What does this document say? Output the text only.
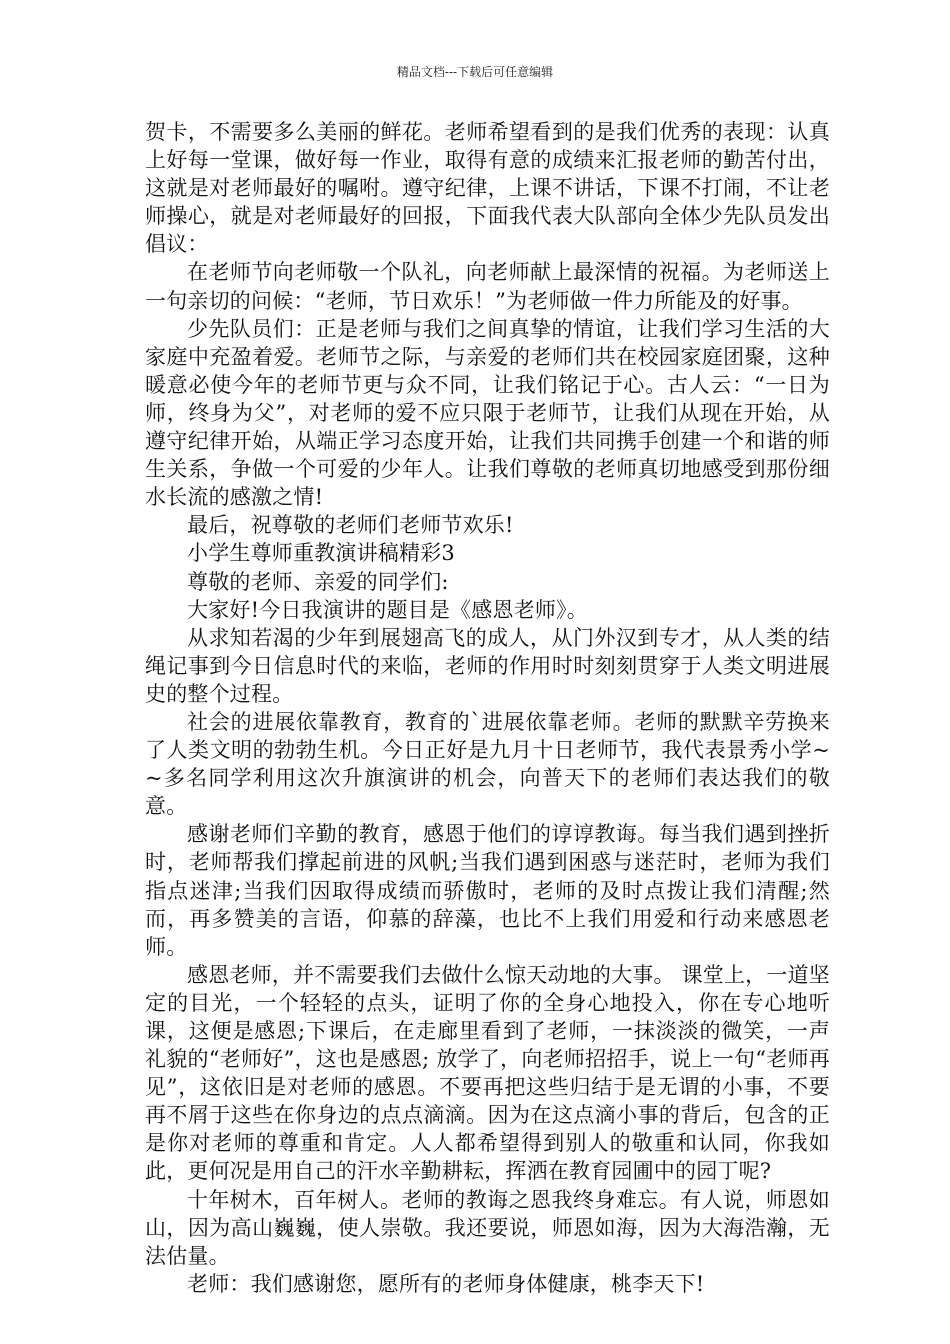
精品文档---下载后可任意编辑

贺卡，不需要多么美丽的鲜花。老师希望看到的是我们优秀的表现：认真上好每一堂课，做好每一作业，取得有意的成绩来汇报老师的勤苦付出，这就是对老师最好的嘱咐。遵守纪律，上课不讲话，下课不打闹，不让老师操心，就是对老师最好的回报，下面我代表大队部向全体少先队员发出倡议：

在老师节向老师敬一个队礼，向老师献上最深情的祝福。为老师送上一句亲切的问候：“老师，节日欢乐！”为老师做一件力所能及的好事。

少先队员们：正是老师与我们之间真挚的情谊，让我们学习生活的大家庭中充盈着爱。老师节之际，与亲爱的老师们共在校园家庭团聚，这种暖意必使今年的老师节更与众不同，让我们铭记于心。古人云：“一日为师，终身为父”，对老师的爱不应只限于老师节，让我们从现在开始，从遵守纪律开始，从端正学习态度开始，让我们共同携手创建一个和谐的师生关系，争做一个可爱的少年人。让我们尊敬的老师真切地感受到那份细水长流的感激之情!

最后，祝尊敬的老师们老师节欢乐!

小学生尊师重教演讲稿精彩3

尊敬的老师、亲爱的同学们:

大家好!今日我演讲的题目是《感恩老师》。

从求知若渴的少年到展翅高飞的成人，从门外汉到专才，从人类的结绳记事到今日信息时代的来临，老师的作用时时刻刻贯穿于人类文明进展史的整个过程。

社会的进展依靠教育，教育的`进展依靠老师。老师的默默辛劳换来了人类文明的勃勃生机。今日正好是九月十日老师节，我代表景秀小学~~多名同学利用这次升旗演讲的机会，向普天下的老师们表达我们的敬意。

感谢老师们辛勤的教育，感恩于他们的谆谆教诲。每当我们遇到挫折时，老师帮我们撑起前进的风帆;当我们遇到困惑与迷茫时，老师为我们指点迷津;当我们因取得成绩而骄傲时，老师的及时点拨让我们清醒;然而，再多赞美的言语，仰慕的辞藻，也比不上我们用爱和行动来感恩老师。

感恩老师，并不需要我们去做什么惊天动地的大事。 课堂上，一道坚定的目光，一个轻轻的点头，证明了你的全身心地投入，你在专心地听课，这便是感恩;下课后，在走廊里看到了老师，一抹淡淡的微笑，一声礼貌的“老师好”，这也是感恩; 放学了，向老师招招手，说上一句“老师再见”，这依旧是对老师的感恩。不要再把这些归结于是无谓的小事，不要再不屑于这些在你身边的点点滴滴。因为在这点滴小事的背后，包含的正是你对老师的尊重和肯定。人人都希望得到别人的敬重和认同，你我如此，更何况是用自己的汗水辛勤耕耘，挥洒在教育园圃中的园丁呢?

十年树木，百年树人。老师的教诲之恩我终身难忘。有人说，师恩如山，因为高山巍巍，使人崇敬。我还要说，师恩如海，因为大海浩瀚，无法估量。

老师：我们感谢您，愿所有的老师身体健康，桃李天下!
